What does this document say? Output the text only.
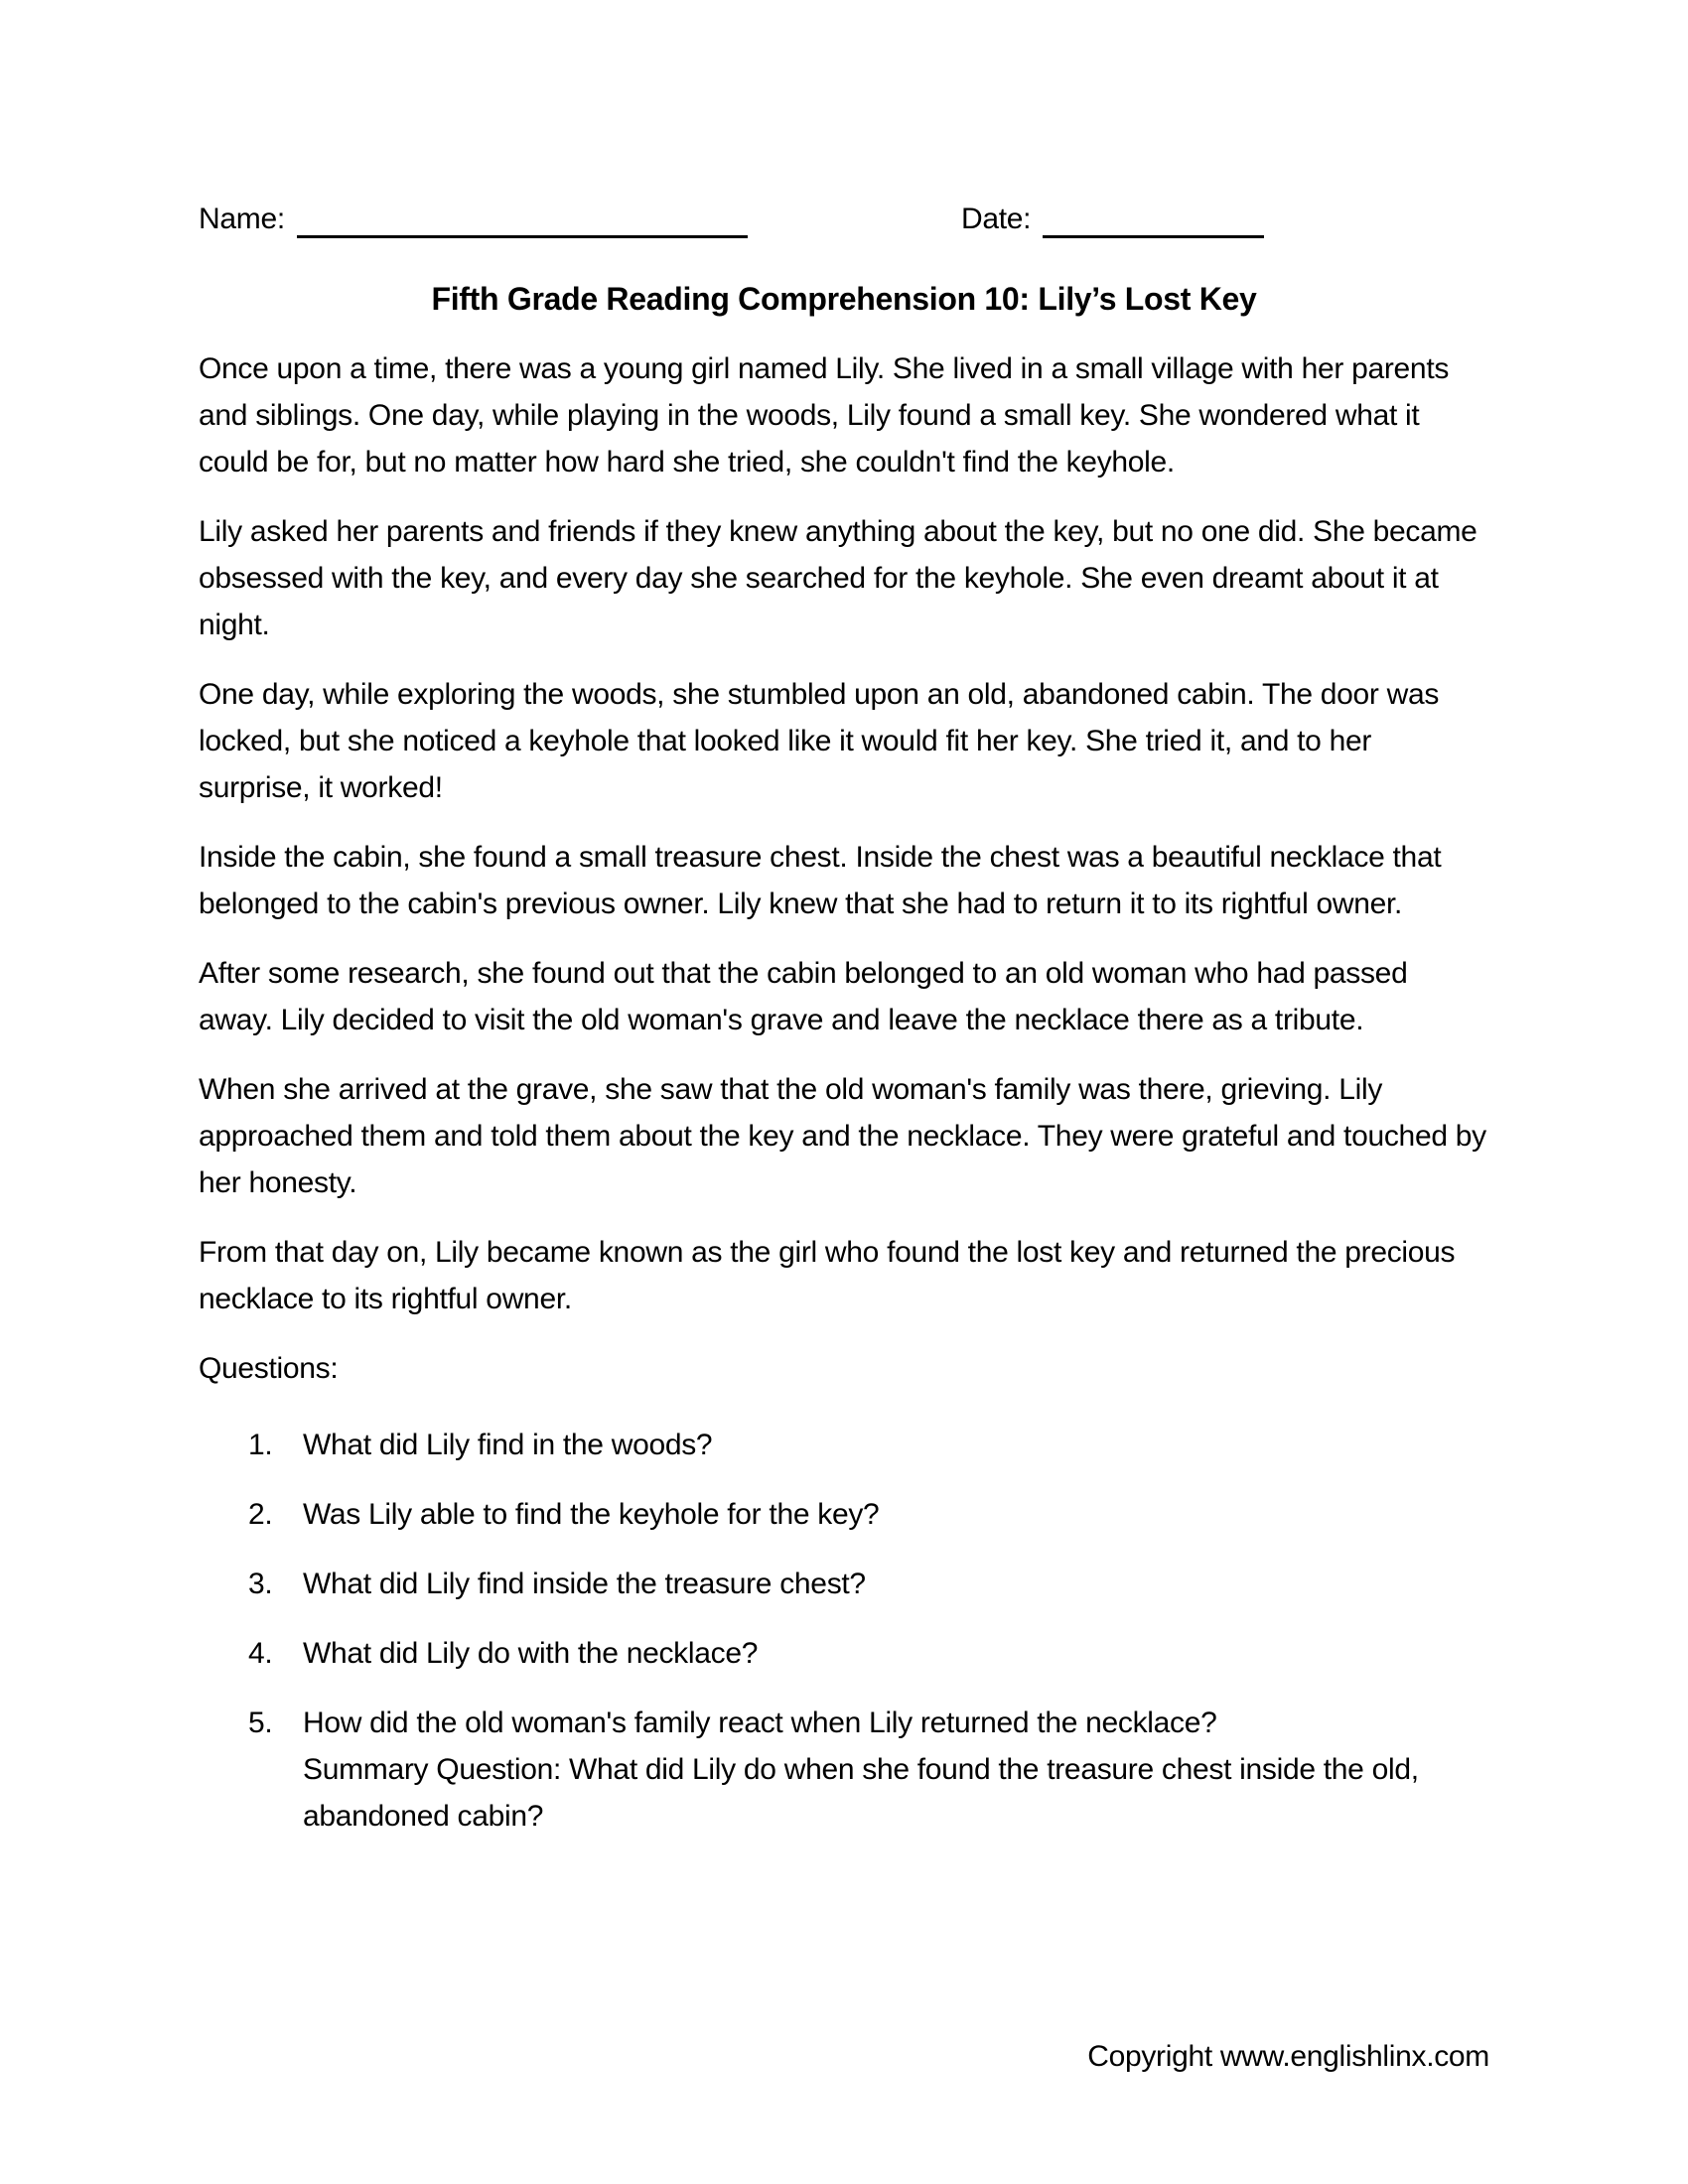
Name:	Date:
Fifth Grade Reading Comprehension 10: Lily’s Lost Key

Once upon a time, there was a young girl named Lily. She lived in a small village with her parents and siblings. One day, while playing in the woods, Lily found a small key. She wondered what it could be for, but no matter how hard she tried, she couldn't find the keyhole.

Lily asked her parents and friends if they knew anything about the key, but no one did. She became obsessed with the key, and every day she searched for the keyhole. She even dreamt about it at night.

One day, while exploring the woods, she stumbled upon an old, abandoned cabin. The door was locked, but she noticed a keyhole that looked like it would fit her key. She tried it, and to her surprise, it worked!

Inside the cabin, she found a small treasure chest. Inside the chest was a beautiful necklace that belonged to the cabin's previous owner. Lily knew that she had to return it to its rightful owner.

After some research, she found out that the cabin belonged to an old woman who had passed away. Lily decided to visit the old woman's grave and leave the necklace there as a tribute.

When she arrived at the grave, she saw that the old woman's family was there, grieving. Lily approached them and told them about the key and the necklace. They were grateful and touched by her honesty.

From that day on, Lily became known as the girl who found the lost key and returned the precious necklace to its rightful owner.

Questions:
1.	What did Lily find in the woods?
2.	Was Lily able to find the keyhole for the key?
3.	What did Lily find inside the treasure chest?
4.	What did Lily do with the necklace?
5.	How did the old woman's family react when Lily returned the necklace?
Summary Question: What did Lily do when she found the treasure chest inside the old, abandoned cabin?
Copyright www.englishlinx.com
